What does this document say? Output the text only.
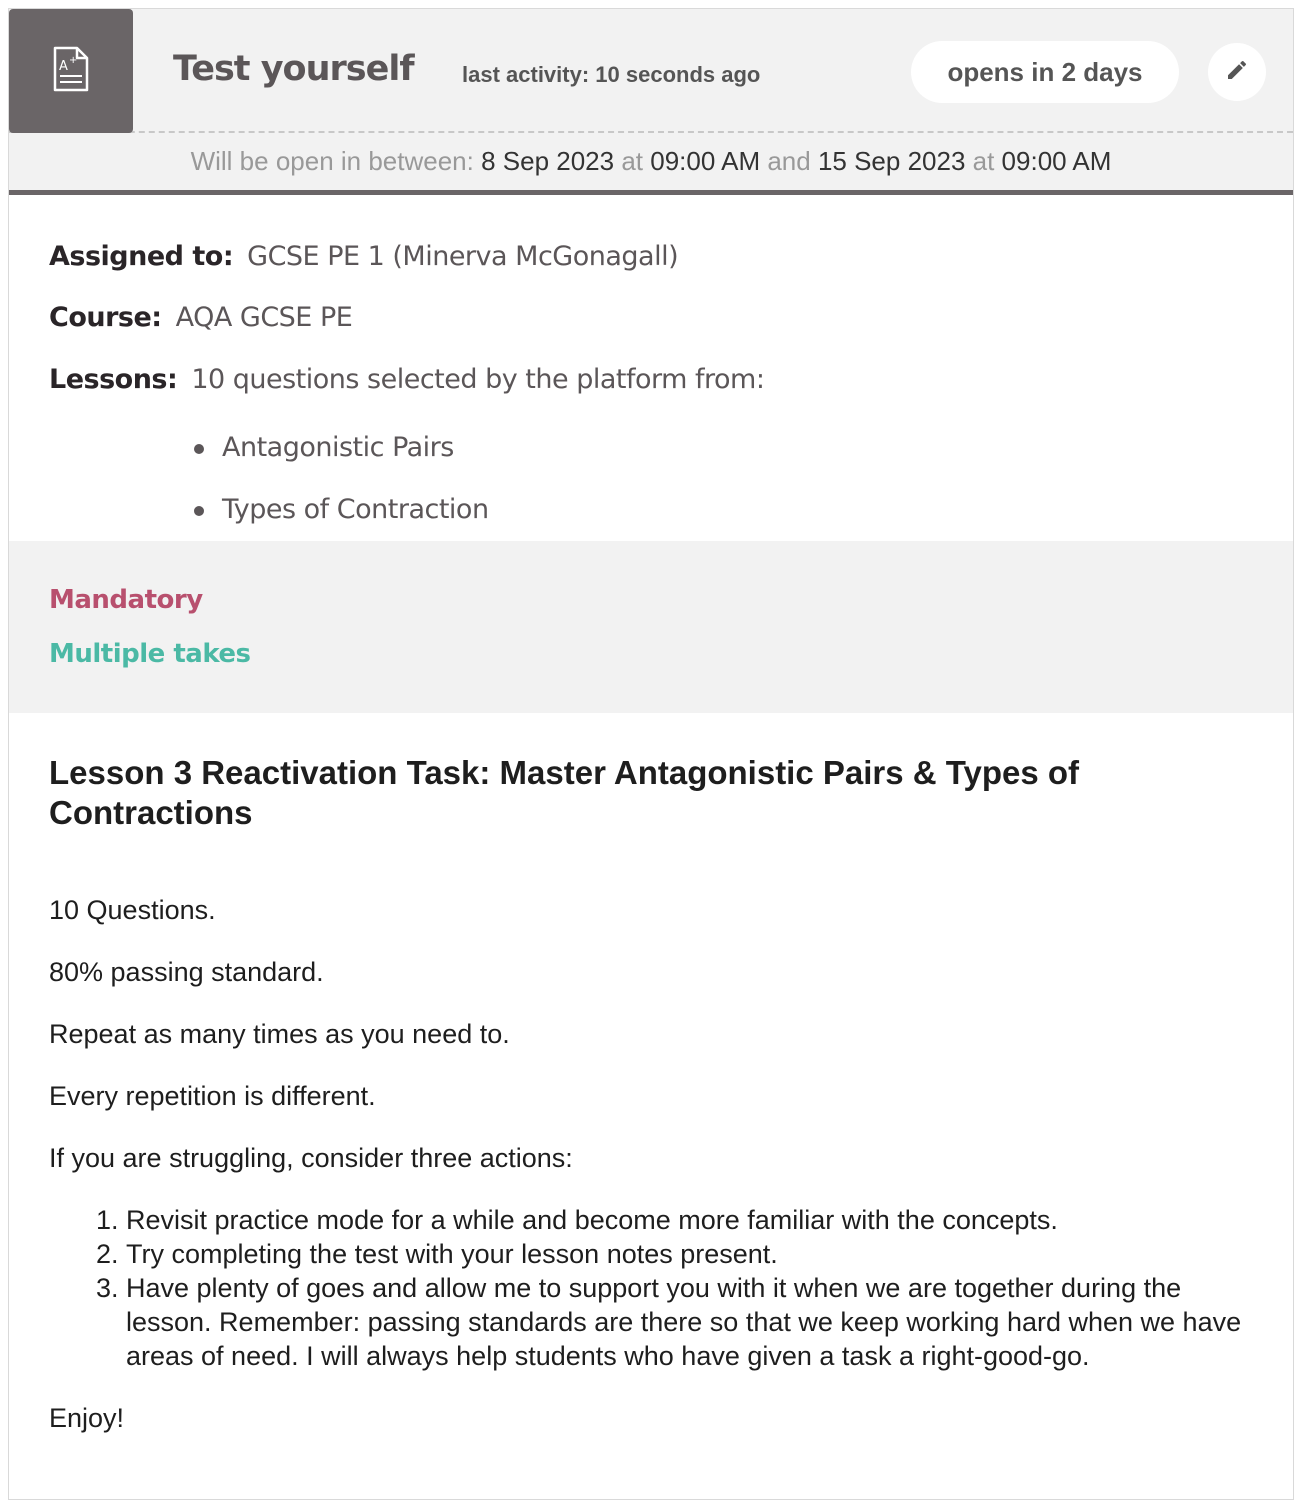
A +	Test yourself last activity: 10 seconds ago	opens in 2 days
Will be open in between: 8 Sep 2023 at 09:00 AM and 15 Sep 2023 at 09:00 AM
Assigned to: GCSE PE 1 (Minerva McGonagall)
Course: AQA GCSE PE
Lessons: 10 questions selected by the platform from:
Antagonistic Pairs
Types of Contraction
Mandatory
Multiple takes
Lesson 3 Reactivation Task: Master Antagonistic Pairs & Types of Contractions

10 Questions.

80% passing standard.

Repeat as many times as you need to.

Every repetition is different.

If you are struggling, consider three actions:

1. Revisit practice mode for a while and become more familiar with the concepts.
2. Try completing the test with your lesson notes present.
3. Have plenty of goes and allow me to support you with it when we are together during the lesson. Remember: passing standards are there so that we keep working hard when we have areas of need. I will always help students who have given a task a right-good-go.

Enjoy!
